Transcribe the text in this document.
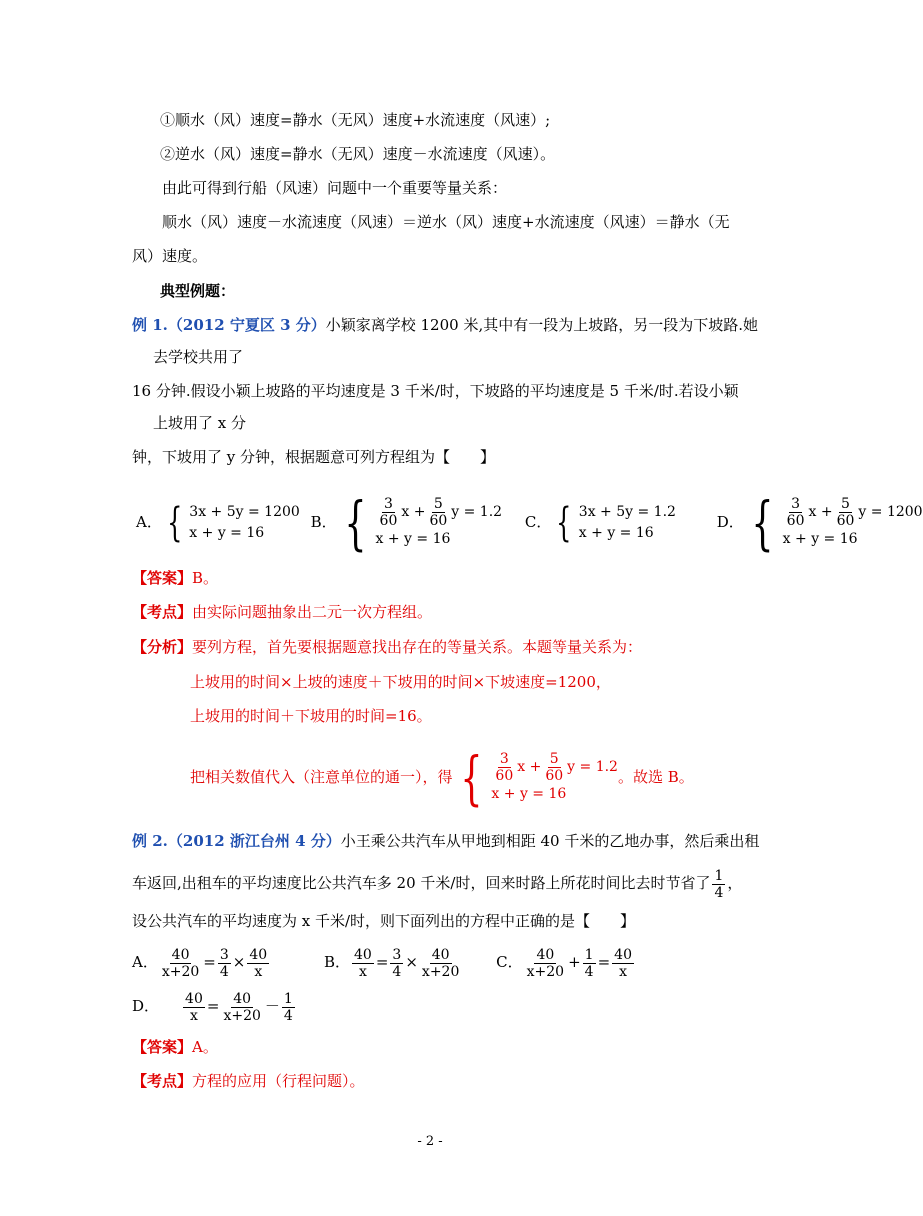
①顺水（风）速度=静水（无风）速度+水流速度（风速）;
②逆水（风）速度=静水（无风）速度－水流速度（风速）。
由此可得到行船（风速）问题中一个重要等量关系：
顺水（风）速度－水流速度（风速）＝逆水（风）速度+水流速度（风速）＝静水（无
风）速度。
典型例题：
例 1.（2012 宁夏区 3 分）小颖家离学校 1200 米,其中有一段为上坡路，另一段为下坡路.她
去学校共用了
16 分钟.假设小颖上坡路的平均速度是 3 千米/时，下坡路的平均速度是 5 千米/时.若设小颖
上坡用了 x 分
钟，下坡用了 y 分钟，根据题意可列方程组为【　　】
A． { 3x + 5y = 1200
x + y = 16
B． { $\frac{3}{60}$ $x + \frac{5}{60}$ y = 1.2
x + y = 16
C． { 3x + 5y = 1.2
x + y = 16
D． { $\frac{3}{60}$ $x + \frac{5}{60}$ y = 1200
x + y = 16
【答案】B。
【考点】由实际问题抽象出二元一次方程组。
【分析】要列方程，首先要根据题意找出存在的等量关系。本题等量关系为：
上坡用的时间×上坡的速度＋下坡用的时间×下坡速度=1200，
上坡用的时间＋下坡用的时间=16。
把相关数值代入（注意单位的通一），得 { $\frac{3}{60}$ $x + \frac{5}{60}$ y = 1.2
x + y = 16
。故选 B。
例 2.（2012 浙江台州 4 分）小王乘公共汽车从甲地到相距 40 千米的乙地办事，然后乘出租
车返回,出租车的平均速度比公共汽车多 20 千米/时，回来时路上所花时间比去时节省了 $\frac{1}{4}$ ，
设公共汽车的平均速度为 x 千米/时，则下面列出的方程中正确的是【　　】
A． $\frac{40}{x+20} = \frac{3}{4} \times \frac{40}{x}$	B． $\frac{40}{x} = \frac{3}{4} \times \frac{40}{x+20}$ C． $\frac{40}{x+20} + \frac{1}{4} = \frac{40}{x}$
D． $\frac{40}{x} = \frac{40}{x+20} - \frac{1}{4}$
【答案】A。
【考点】方程的应用（行程问题）。
- 2 -
